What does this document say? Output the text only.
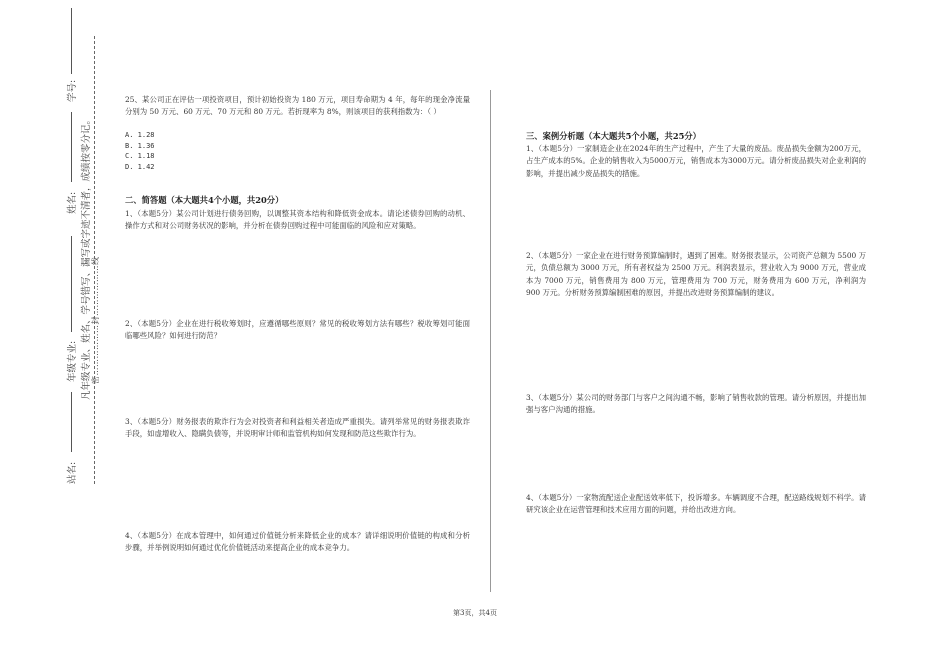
学号:
姓名:
年级专业:
站名:
凡年级专业、姓名、学号错写、漏写或字迹不清者，成绩按零分记。 密………………封………………线

25、某公司正在评估一项投资项目，预计初始投资为 180 万元，项目寿命期为 4 年，每年的现金净流量分别为 50 万元、60 万元、70 万元和 80 万元。若折现率为 8%，则该项目的获利指数为：（ ）

A. 1.28
B. 1.36
C. 1.18
D. 1.42
二、简答题（本大题共4个小题，共20分）

1、（本题5分）某公司计划进行债务回购，以调整其资本结构和降低资金成本。请论述债券回购的动机、操作方式和对公司财务状况的影响，并分析在债券回购过程中可能面临的风险和应对策略。

2、（本题5分）企业在进行税收筹划时，应遵循哪些原则？常见的税收筹划方法有哪些？税收筹划可能面临哪些风险？如何进行防范？

3、（本题5分）财务报表的欺诈行为会对投资者和利益相关者造成严重损失。请列举常见的财务报表欺诈手段，如虚增收入、隐瞒负债等，并说明审计师和监管机构如何发现和防范这些欺诈行为。

4、（本题5分）在成本管理中，如何通过价值链分析来降低企业的成本？请详细说明价值链的构成和分析步骤，并举例说明如何通过优化价值链活动来提高企业的成本竞争力。

三、案例分析题（本大题共5个小题，共25分）

1、（本题5分）一家制造企业在2024年的生产过程中，产生了大量的废品。废品损失金额为200万元，占生产成本的5%。企业的销售收入为5000万元，销售成本为3000万元。请分析废品损失对企业利润的影响，并提出减少废品损失的措施。

2、（本题5分）一家企业在进行财务预算编制时，遇到了困难。财务报表显示，公司资产总额为 5500 万元，负债总额为 3000 万元，所有者权益为 2500 万元。利润表显示，营业收入为 9000 万元，营业成本为 7000 万元，销售费用为 800 万元，管理费用为 700 万元，财务费用为 600 万元，净利润为 900 万元。分析财务预算编制困难的原因，并提出改进财务预算编制的建议。

3、（本题5分）某公司的财务部门与客户之间沟通不畅，影响了销售收款的管理。请分析原因，并提出加强与客户沟通的措施。

4、（本题5分）一家物流配送企业配送效率低下，投诉增多。车辆调度不合理，配送路线规划不科学。请研究该企业在运营管理和技术应用方面的问题，并给出改进方向。

第3页，共4页
